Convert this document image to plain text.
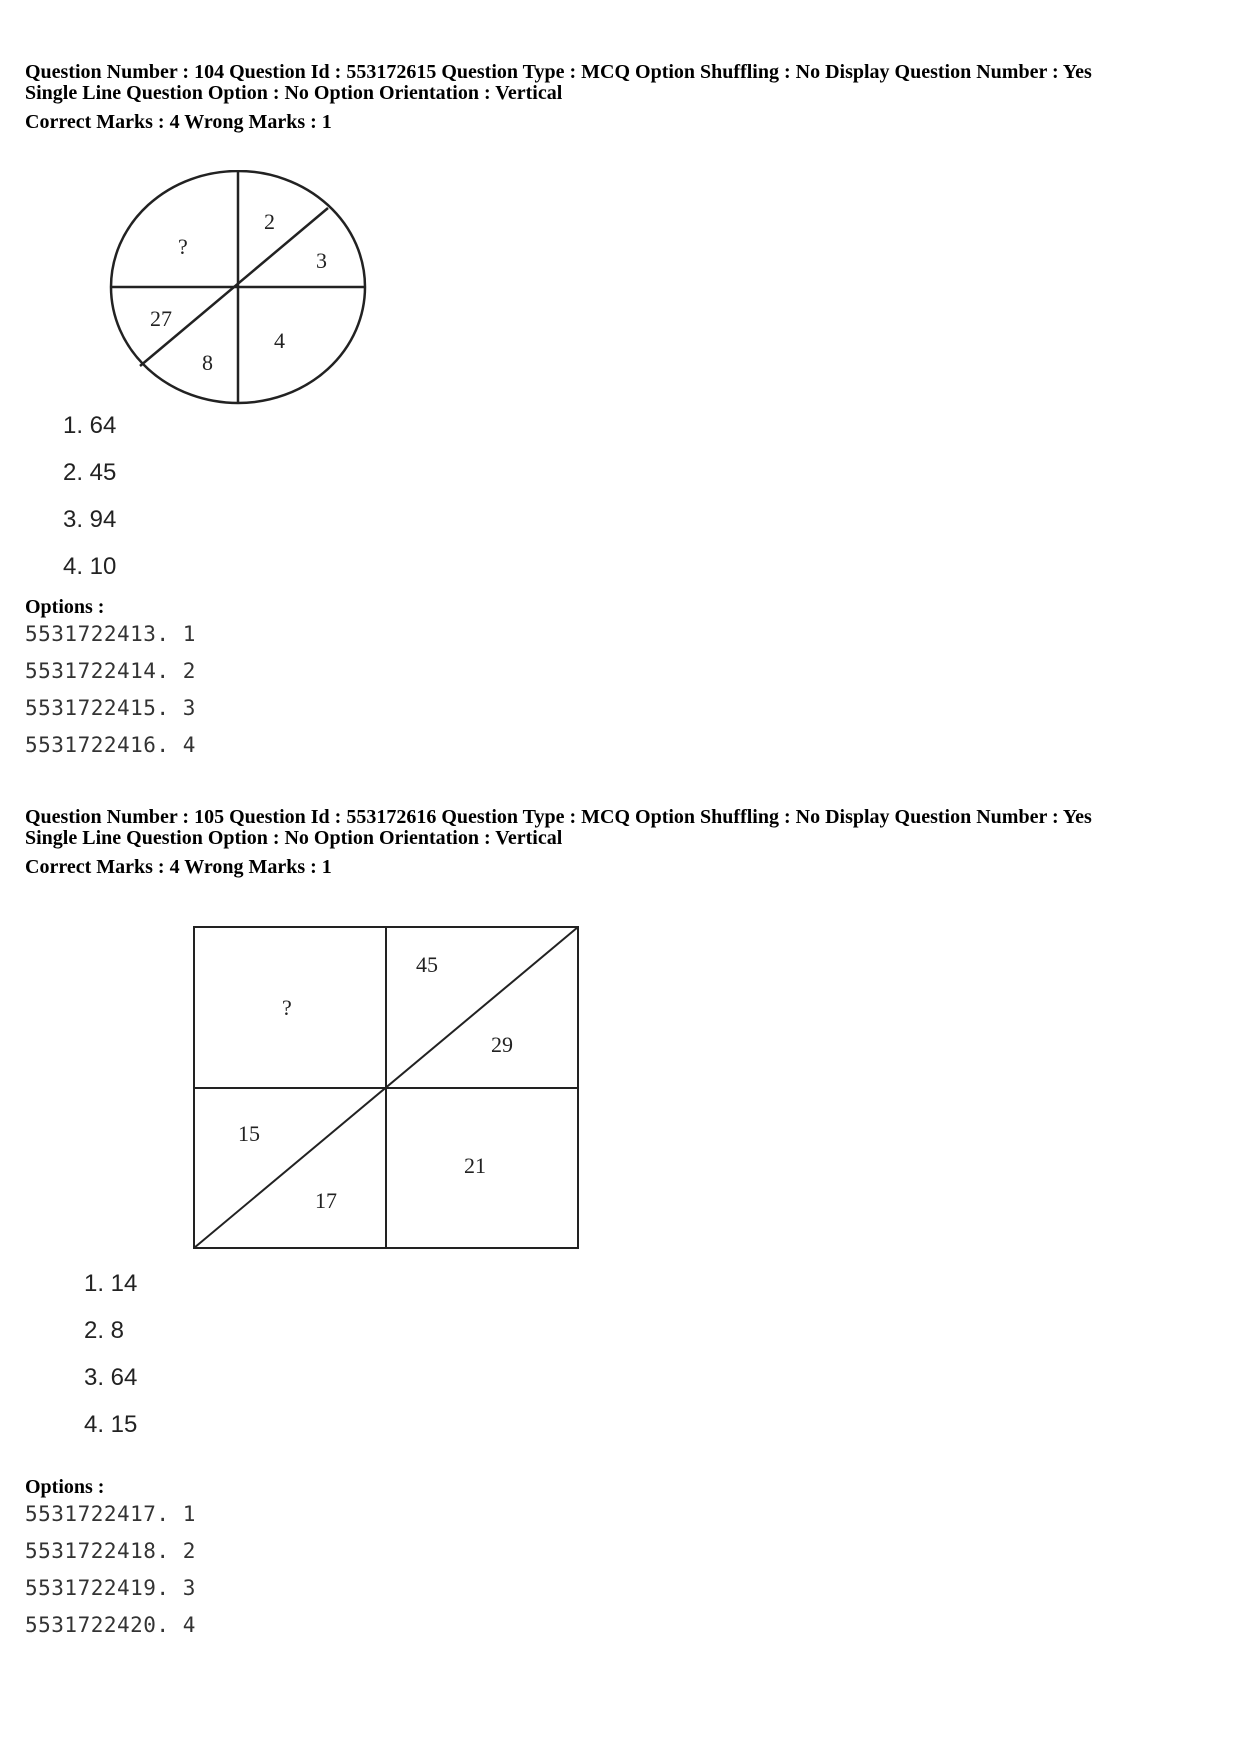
Question Number : 104 Question Id : 553172615 Question Type : MCQ Option Shuffling : No Display Question Number : Yes
Single Line Question Option : No Option Orientation : Vertical
Correct Marks : 4 Wrong Marks : 1
?
2
3
4
8
27
1. 64
2. 45
3. 94
4. 10
Options :
5531722413. 1
5531722414. 2
5531722415. 3
5531722416. 4
Question Number : 105 Question Id : 553172616 Question Type : MCQ Option Shuffling : No Display Question Number : Yes
Single Line Question Option : No Option Orientation : Vertical
Correct Marks : 4 Wrong Marks : 1
?
45
29
15
17
21
1. 14
2. 8
3. 64
4. 15
Options :
5531722417. 1
5531722418. 2
5531722419. 3
5531722420. 4
